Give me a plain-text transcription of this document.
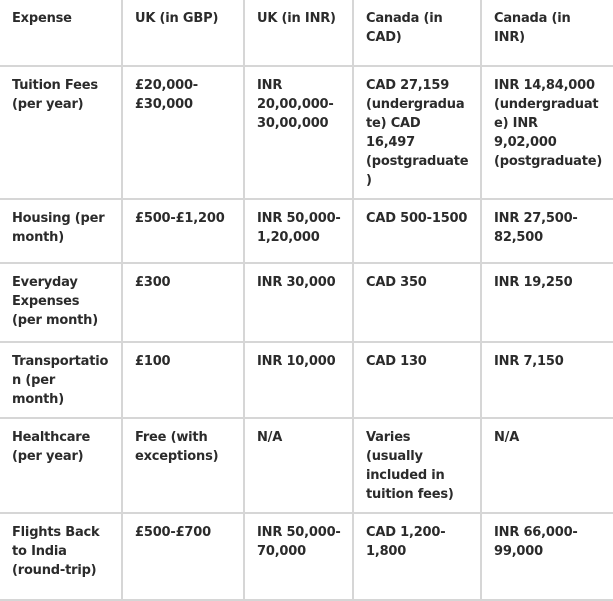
Expense	UK (in GBP)	UK (in INR)	Canada (in CAD)	Canada (in INR)
Tuition Fees (per year)	£20,000-£30,000	INR 20,00,000-30,00,000	CAD 27,159 (undergraduate) CAD 16,497 (postgraduate)	INR 14,84,000 (undergraduate) INR 9,02,000 (postgraduate)
Housing (per month)	£500-£1,200	INR 50,000-1,20,000	CAD 500-1500	INR 27,500-82,500
Everyday Expenses (per month)	£300	INR 30,000	CAD 350	INR 19,250
Transportation (per month)	£100	INR 10,000	CAD 130	INR 7,150
Healthcare (per year)	Free (with exceptions)	N/A	Varies (usually included in tuition fees)	N/A
Flights Back to India (round-trip)	£500-£700	INR 50,000-70,000	CAD 1,200-1,800	INR 66,000-99,000
